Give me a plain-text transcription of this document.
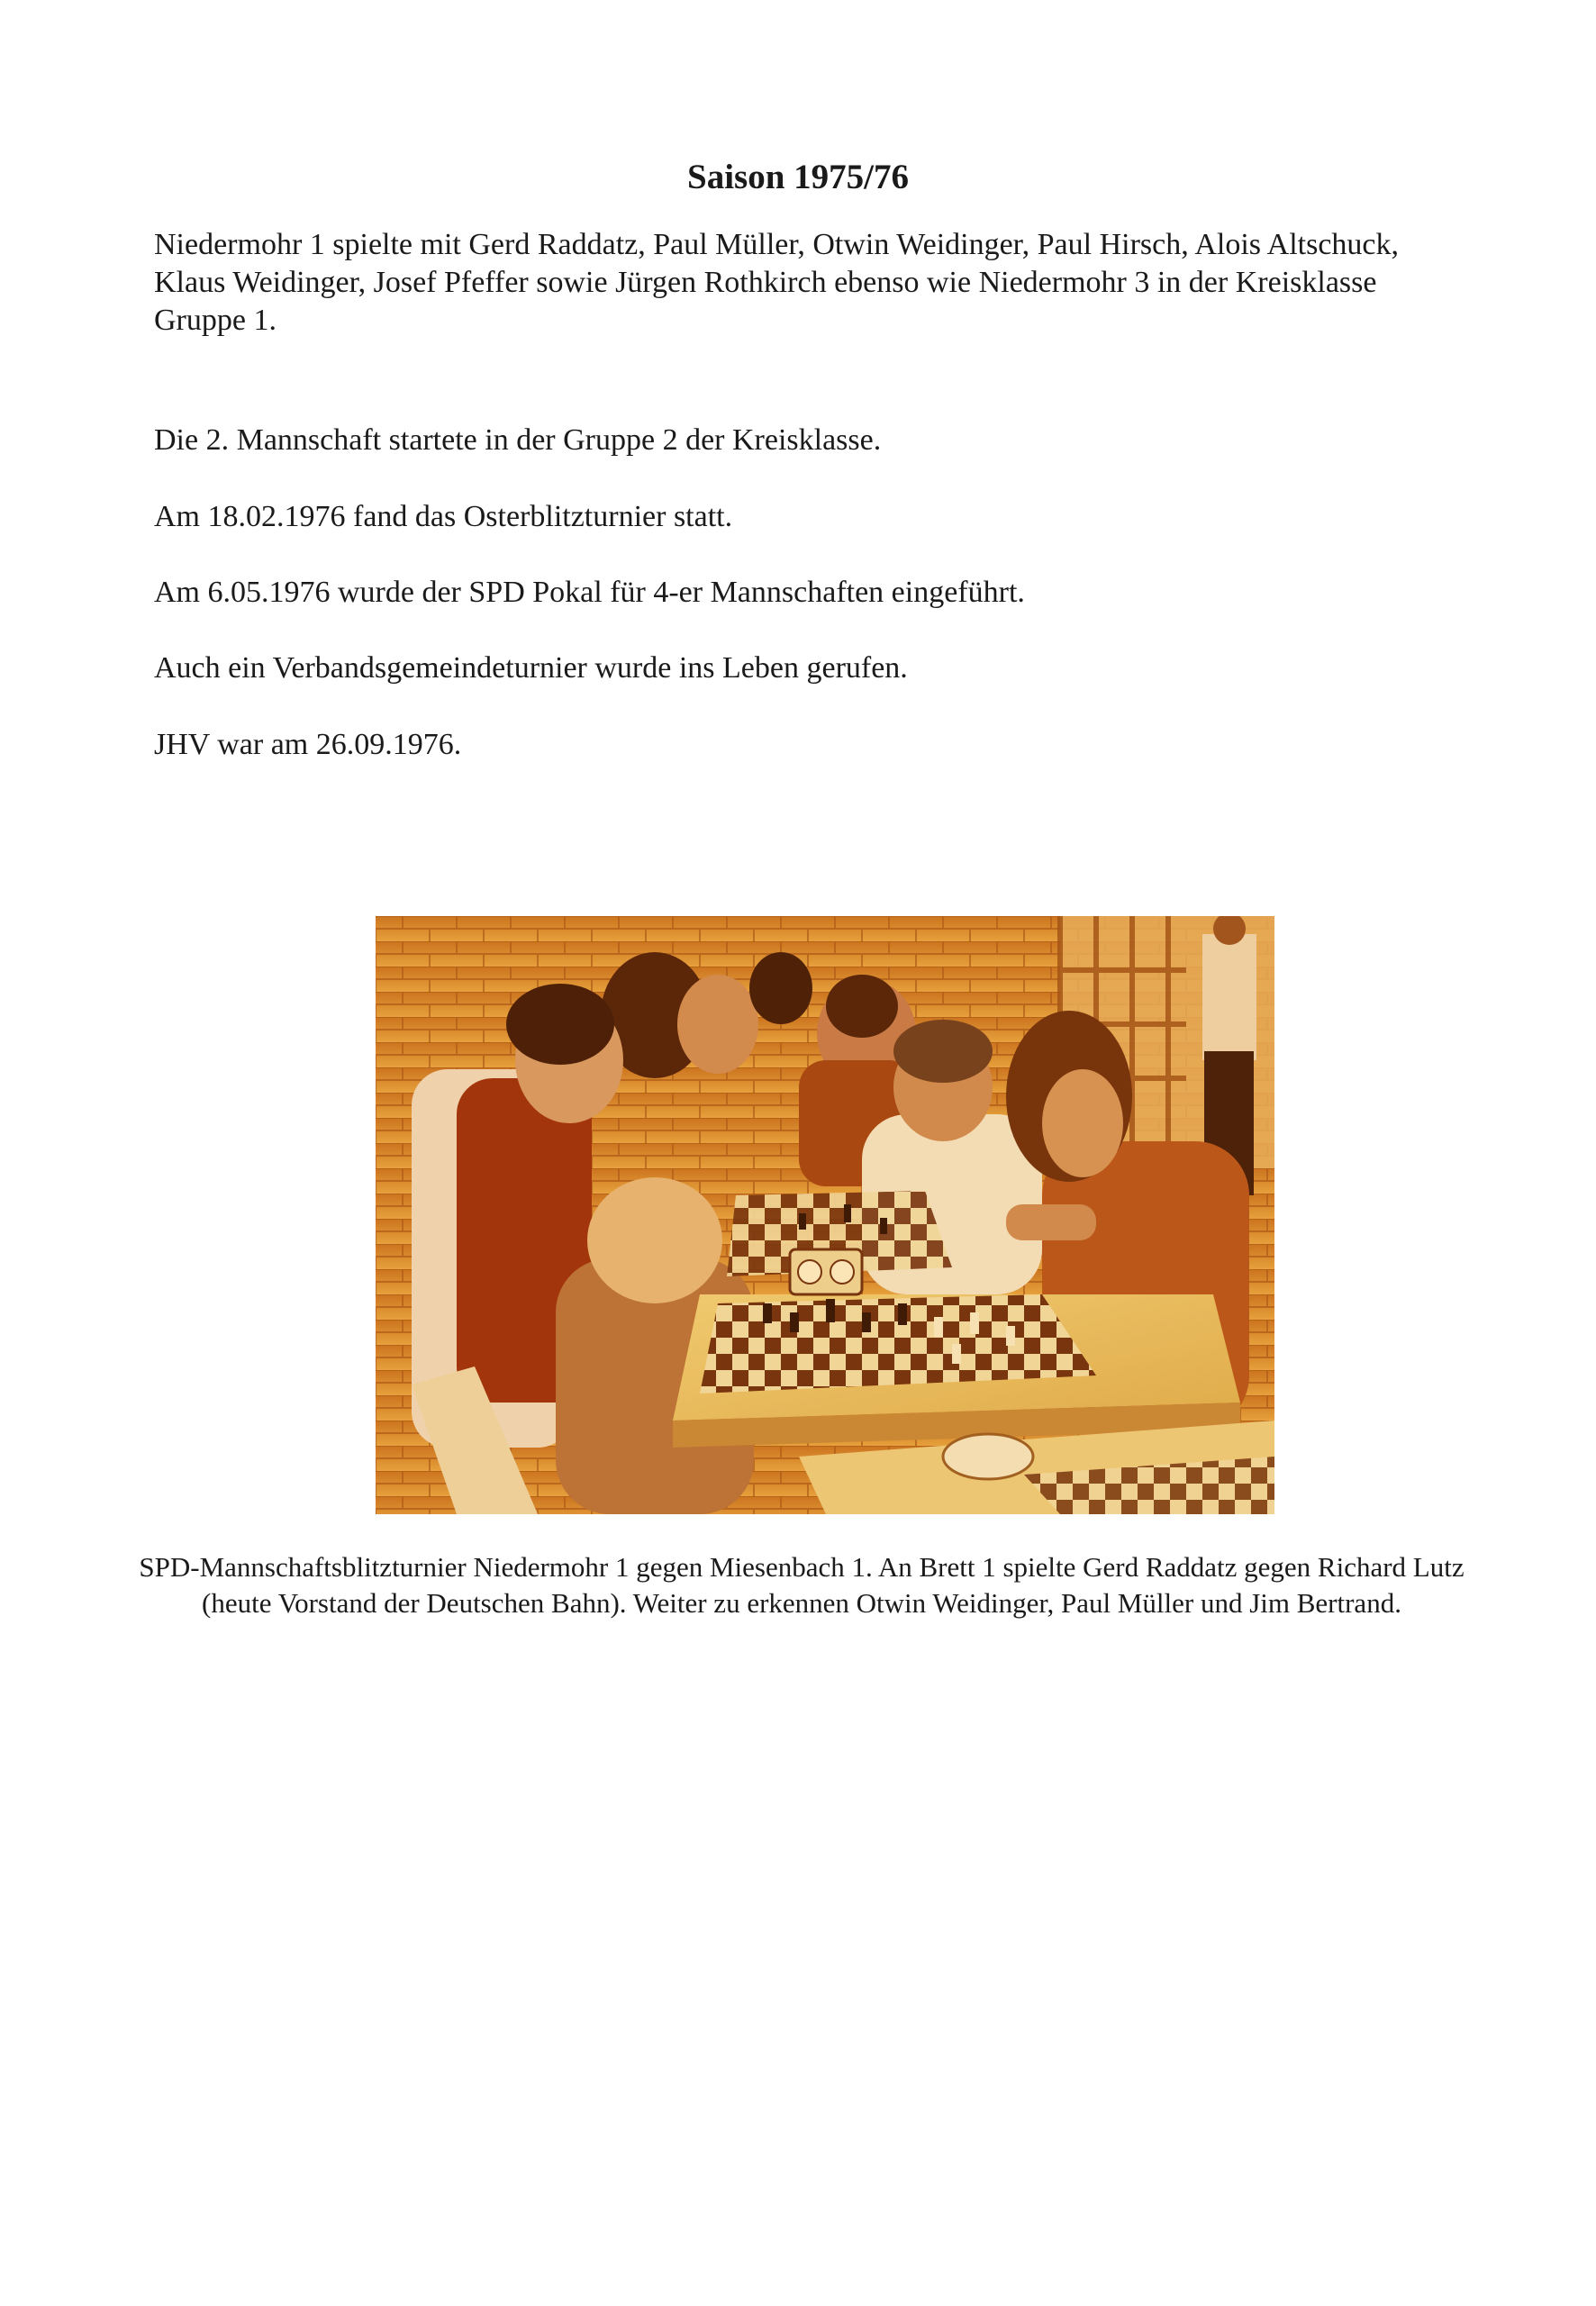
Saison 1975/76

Niedermohr 1 spielte mit Gerd Raddatz, Paul Müller, Otwin Weidinger, Paul Hirsch, Alois Altschuck, Klaus Weidinger, Josef Pfeffer sowie Jürgen Rothkirch ebenso wie Niedermohr 3 in der Kreisklasse Gruppe 1.

Die 2. Mannschaft startete in der Gruppe 2 der Kreisklasse.

Am 18.02.1976 fand das Osterblitzturnier statt.

Am 6.05.1976 wurde der SPD Pokal für 4-er Mannschaften eingeführt.

Auch ein Verbandsgemeindeturnier wurde ins Leben gerufen.

JHV war am 26.09.1976.

SPD-Mannschaftsblitzturnier Niedermohr 1 gegen Miesenbach 1. An Brett 1 spielte Gerd Raddatz gegen Richard Lutz (heute Vorstand der Deutschen Bahn). Weiter zu erkennen Otwin Weidinger, Paul Müller und Jim Bertrand.
